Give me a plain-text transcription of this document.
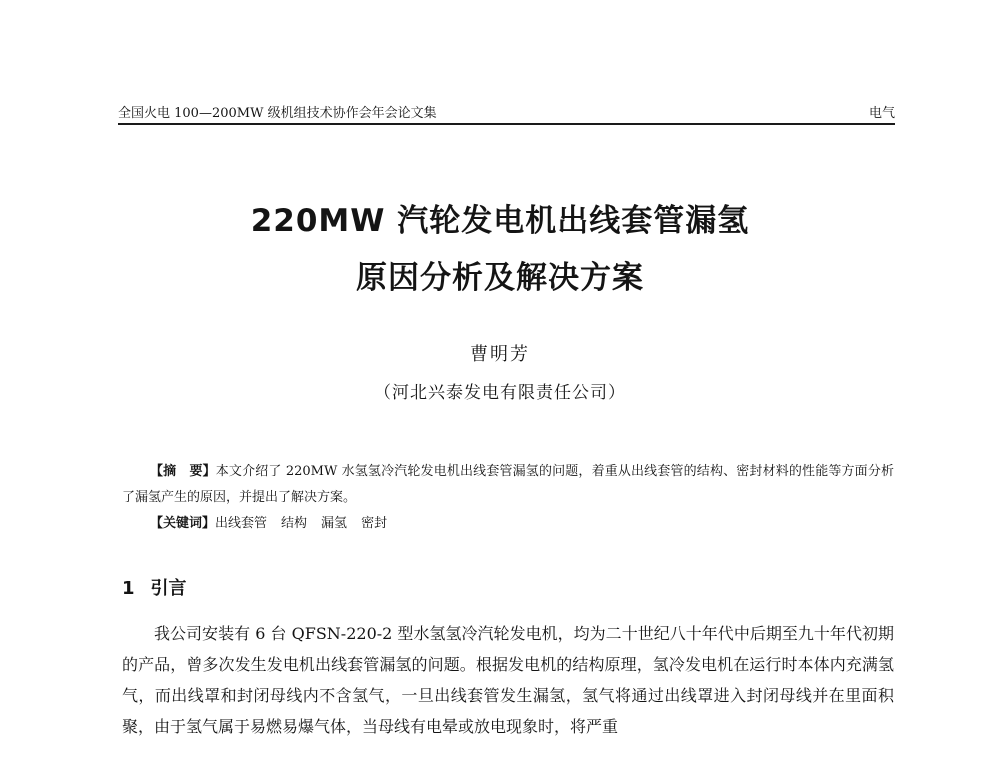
全国火电 100—200MW 级机组技术协作会年会论文集	电气
220MW 汽轮发电机出线套管漏氢
原因分析及解决方案
曹明芳
（河北兴泰发电有限责任公司）

【摘　要】本文介绍了 220MW 水氢氢冷汽轮发电机出线套管漏氢的问题，着重从出线套管的结构、密封材料的性能等方面分析了漏氢产生的原因，并提出了解决方案。

【关键词】出线套管 结构 漏氢 密封

1 引言

我公司安装有 6 台 QFSN-220-2 型水氢氢冷汽轮发电机，均为二十世纪八十年代中后期至九十年代初期的产品，曾多次发生发电机出线套管漏氢的问题。根据发电机的结构原理，氢冷发电机在运行时本体内充满氢气，而出线罩和封闭母线内不含氢气，一旦出线套管发生漏氢，氢气将通过出线罩进入封闭母线并在里面积聚，由于氢气属于易燃易爆气体，当母线有电晕或放电现象时，将严重
